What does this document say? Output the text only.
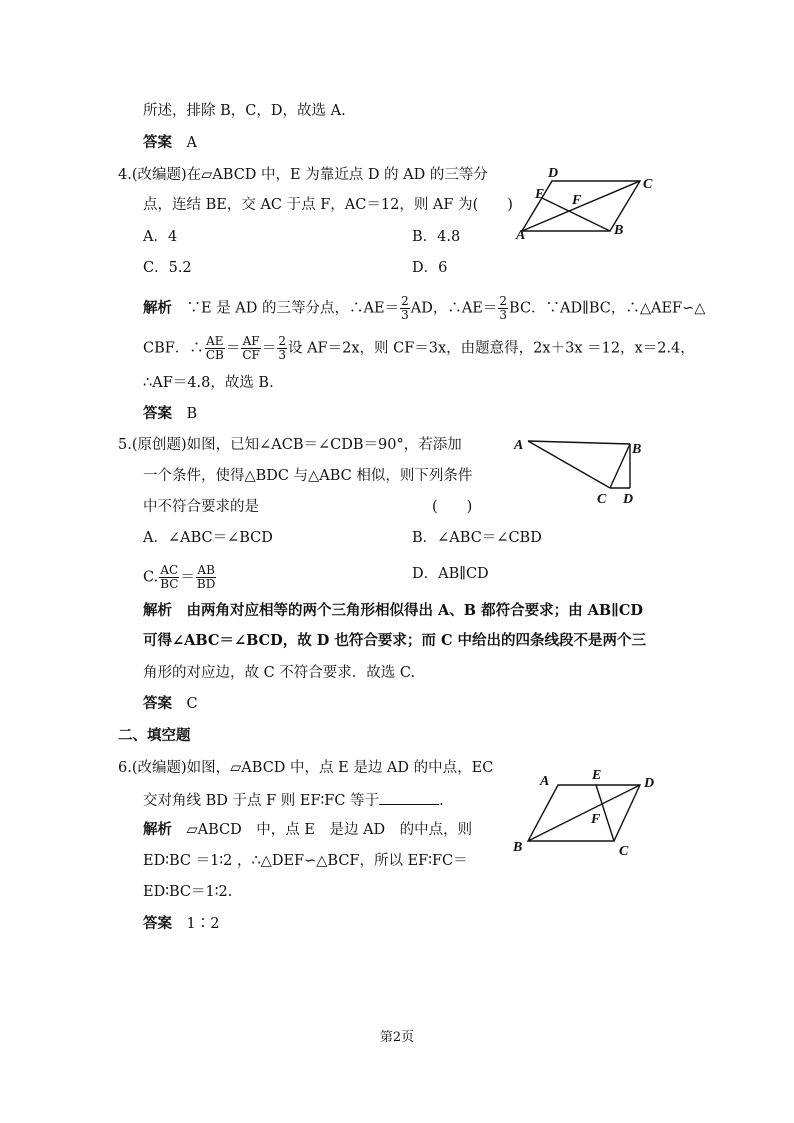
所述，排除 B，C，D，故选 A.
答案　 A
4.(改编题)在▱ABCD 中，E 为靠近点 D 的 AD 的三等分
点，连结 BE，交 AC 于点 F，AC＝12，则 AF 为(　　)
A．4	B．4.8
C．5.2	D．6
解析　 ∵E 是 AD 的三等分点，∴AE＝ $\frac{2}{3}$ AD，∴AE＝ $\frac{2}{3}$ BC．∵AD∥BC，∴△AEF∽△
CBF．∴ $\frac{AE}{CB} = \frac{AF}{CF} = \frac{2}{3}$ 设 AF＝2x，则 CF＝3x，由题意得，2x＋3x ＝12，x＝2.4，
∴AF＝4.8，故选 B.
答案　 B
D
C
E F
A	B
5.(原创题)如图，已知∠ACB＝∠CDB＝90°，若添加
一个条件，使得△BDC 与△ABC 相似，则下列条件
中不符合要求的是	(　　)
A．∠ABC＝∠BCD	B．∠ABC＝∠CBD
C. $\frac{AC}{BC} = \frac{AB}{BD}$	D．AB∥CD
解析　 由两角对应相等的两个三角形相似得出 A、B 都符合要求；由 AB∥CD
可得∠ABC＝∠BCD，故 D 也符合要求；而 C 中给出的四条线段不是两个三
角形的对应边，故 C 不符合要求．故选 C.
答案　 C
A	B
C D
二、填空题
6.(改编题)如图，▱ABCD 中，点 E 是边 AD 的中点，EC
交对角线 BD 于点 F 则 EF∶FC 等于	.
解析　 ▱ABCD　中，点 E　是边 AD　的中点，则
ED∶BC ＝1∶2 ，∴△DEF∽△BCF，所以 EF∶FC＝
ED∶BC＝1∶2.
答案　 1∶2
A	E
D
F
B	C
第2页
